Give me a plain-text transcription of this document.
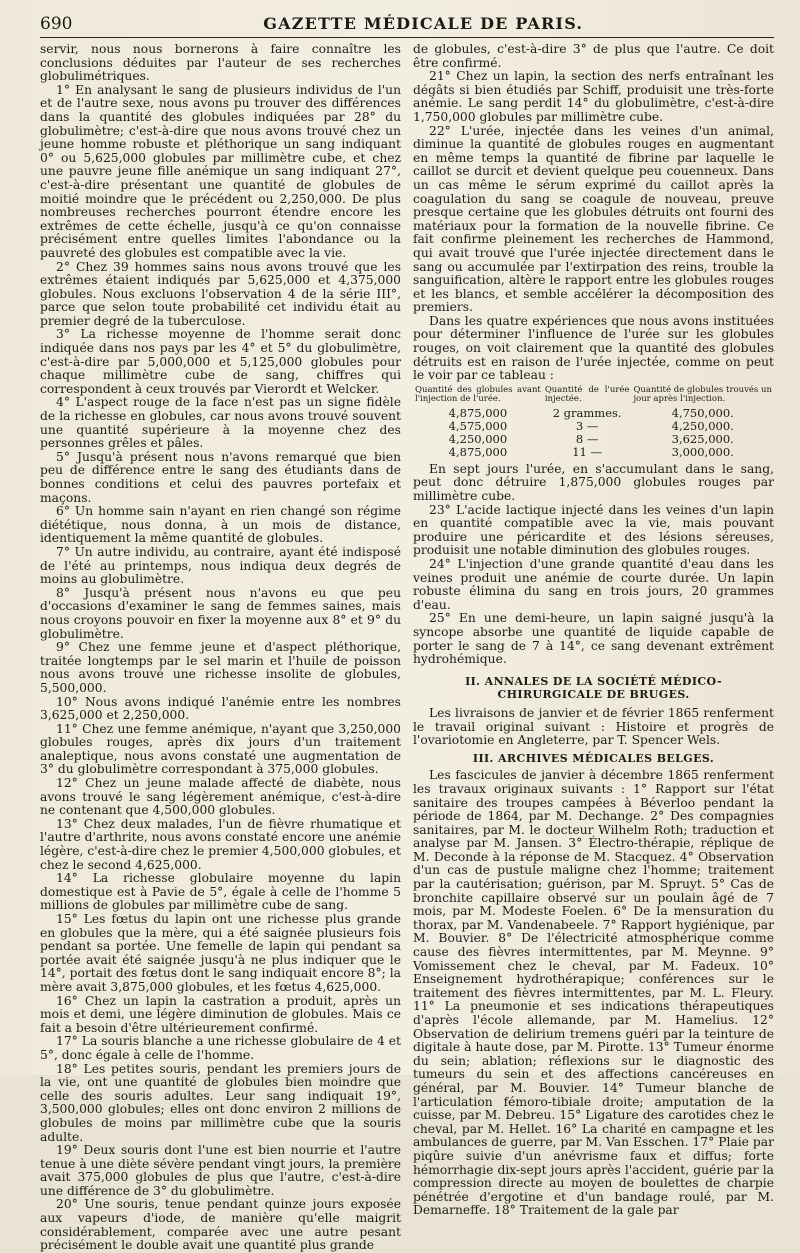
690	GAZETTE MÉDICALE DE PARIS.

servir, nous nous bornerons à faire connaître les conclusions déduites par l'auteur de ses recherches globulimétriques.

1° En analysant le sang de plusieurs individus de l'un et de l'autre sexe, nous avons pu trouver des différences dans la quantité des globules indiquées par 28° du globulimètre; c'est-à-dire que nous avons trouvé chez un jeune homme robuste et pléthorique un sang indiquant 0° ou 5,625,000 globules par millimètre cube, et chez une pauvre jeune fille anémique un sang indiquant 27°, c'est-à-dire présentant une quantité de globules de moitié moindre que le précédent ou 2,250,000. De plus nombreuses recherches pourront étendre encore les extrêmes de cette échelle, jusqu'à ce qu'on connaisse précisément entre quelles limites l'abondance ou la pauvreté des globules est compatible avec la vie.

2° Chez 39 hommes sains nous avons trouvé que les extrêmes étaient indiqués par 5,625,000 et 4,375,000 globules. Nous excluons l'observation 4 de la série III°, parce que selon toute probabilité cet individu était au premier degré de la tuberculose.

3° La richesse moyenne de l'homme serait donc indiquée dans nos pays par les 4° et 5° du globulimètre, c'est-à-dire par 5,000,000 et 5,125,000 globules pour chaque millimètre cube de sang, chiffres qui correspondent à ceux trouvés par Vierordt et Welcker.

4° L'aspect rouge de la face n'est pas un signe fidèle de la richesse en globules, car nous avons trouvé souvent une quantité supérieure à la moyenne chez des personnes grêles et pâles.

5° Jusqu'à présent nous n'avons remarqué que bien peu de différence entre le sang des étudiants dans de bonnes conditions et celui des pauvres portefaix et maçons.

6° Un homme sain n'ayant en rien changé son régime diététique, nous donna, à un mois de distance, identiquement la même quantité de globules.

7° Un autre individu, au contraire, ayant été indisposé de l'été au printemps, nous indiqua deux degrés de moins au globulimètre.

8° Jusqu'à présent nous n'avons eu que peu d'occasions d'examiner le sang de femmes saines, mais nous croyons pouvoir en fixer la moyenne aux 8° et 9° du globulimètre.

9° Chez une femme jeune et d'aspect pléthorique, traitée longtemps par le sel marin et l'huile de poisson nous avons trouvé une richesse insolite de globules, 5,500,000.

10° Nous avons indiqué l'anémie entre les nombres 3,625,000 et 2,250,000.

11° Chez une femme anémique, n'ayant que 3,250,000 globules rouges, après dix jours d'un traitement analeptique, nous avons constaté une augmentation de 3° du globulimètre correspondant à 375,000 globules.

12° Chez un jeune malade affecté de diabète, nous avons trouvé le sang légèrement anémique, c'est-à-dire ne contenant que 4,500,000 globules.

13° Chez deux malades, l'un de fièvre rhumatique et l'autre d'arthrite, nous avons constaté encore une anémie légère, c'est-à-dire chez le premier 4,500,000 globules, et chez le second 4,625,000.

14° La richesse globulaire moyenne du lapin domestique est à Pavie de 5°, égale à celle de l'homme 5 millions de globules par millimètre cube de sang.

15° Les fœtus du lapin ont une richesse plus grande en globules que la mère, qui a été saignée plusieurs fois pendant sa portée. Une femelle de lapin qui pendant sa portée avait été saignée jusqu'à ne plus indiquer que le 14°, portait des fœtus dont le sang indiquait encore 8°; la mère avait 3,875,000 globules, et les fœtus 4,625,000.

16° Chez un lapin la castration a produit, après un mois et demi, une légère diminution de globules. Mais ce fait a besoin d'être ultérieurement confirmé.

17° La souris blanche a une richesse globulaire de 4 et 5°, donc égale à celle de l'homme.

18° Les petites souris, pendant les premiers jours de la vie, ont une quantité de globules bien moindre que celle des souris adultes. Leur sang indiquait 19°, 3,500,000 globules; elles ont donc environ 2 millions de globules de moins par millimètre cube que la souris adulte.

19° Deux souris dont l'une est bien nourrie et l'autre tenue à une diète sévère pendant vingt jours, la première avait 375,000 globules de plus que l'autre, c'est-à-dire une différence de 3° du globulimètre.

20° Une souris, tenue pendant quinze jours exposée aux vapeurs d'iode, de manière qu'elle maigrit considérablement, comparée avec une autre pesant précisément le double avait une quantité plus grande

de globules, c'est-à-dire 3° de plus que l'autre. Ce doit être confirmé.

21° Chez un lapin, la section des nerfs entraînant les dégâts si bien étudiés par Schiff, produisit une très-forte anémie. Le sang perdit 14° du globulimètre, c'est-à-dire 1,750,000 globules par millimètre cube.

22° L'urée, injectée dans les veines d'un animal, diminue la quantité de globules rouges en augmentant en même temps la quantité de fibrine par laquelle le caillot se durcit et devient quelque peu couenneux. Dans un cas même le sérum exprimé du caillot après la coagulation du sang se coagule de nouveau, preuve presque certaine que les globules détruits ont fourni des matériaux pour la formation de la nouvelle fibrine. Ce fait confirme pleinement les recherches de Hammond, qui avait trouvé que l'urée injectée directement dans le sang ou accumulée par l'extirpation des reins, trouble la sanguification, altère le rapport entre les globules rouges et les blancs, et semble accélérer la décomposition des premiers.

Dans les quatre expériences que nous avons instituées pour déterminer l'influence de l'urée sur les globules rouges, on voit clairement que la quantité des globules détruits est en raison de l'urée injectée, comme on peut le voir par ce tableau :

Quantité des globules avant l'injection de l'urée.	Quantité de l'urée injectée.	Quantité de globules trouvés un jour après l'injection.
4,875,000	2 grammes.	4,750,000.
4,575,000	3 —	4,250,000.
4,250,000	8 —	3,625,000.
4,875,000	11 —	3,000,000.

En sept jours l'urée, en s'accumulant dans le sang, peut donc détruire 1,875,000 globules rouges par millimètre cube.

23° L'acide lactique injecté dans les veines d'un lapin en quantité compatible avec la vie, mais pouvant produire une péricardite et des lésions séreuses, produisit une notable diminution des globules rouges.

24° L'injection d'une grande quantité d'eau dans les veines produit une anémie de courte durée. Un lapin robuste élimina du sang en trois jours, 20 grammes d'eau.

25° En une demi-heure, un lapin saigné jusqu'à la syncope absorbe une quantité de liquide capable de porter le sang de 7 à 14°, ce sang devenant extrêment hydrohémique.

II. ANNALES DE LA SOCIÉTÉ MÉDICO-CHIRURGICALE DE BRUGES.

Les livraisons de janvier et de février 1865 renferment le travail original suivant : Histoire et progrès de l'ovariotomie en Angleterre, par T. Spencer Wels.

III. ARCHIVES MÉDICALES BELGES.

Les fascicules de janvier à décembre 1865 renferment les travaux originaux suivants : 1° Rapport sur l'état sanitaire des troupes campées à Béverloo pendant la période de 1864, par M. Dechange. 2° Des compagnies sanitaires, par M. le docteur Wilhelm Roth; traduction et analyse par M. Jansen. 3° Électro-thérapie, réplique de M. Deconde à la réponse de M. Stacquez. 4° Observation d'un cas de pustule maligne chez l'homme; traitement par la cautérisation; guérison, par M. Spruyt. 5° Cas de bronchite capillaire observé sur un poulain âgé de 7 mois, par M. Modeste Foelen. 6° De la mensuration du thorax, par M. Vandenabeele. 7° Rapport hygiénique, par M. Bouvier. 8° De l'électricité atmosphérique comme cause des fièvres intermittentes, par M. Meynne. 9° Vomissement chez le cheval, par M. Fadeux. 10° Enseignement hydrothérapique; conférences sur le traitement des fièvres intermittentes, par M. L. Fleury. 11° La pneumonie et ses indications thérapeutiques d'après l'école allemande, par M. Hamelius. 12° Observation de delirium tremens guéri par la teinture de digitale à haute dose, par M. Pirotte. 13° Tumeur énorme du sein; ablation; réflexions sur le diagnostic des tumeurs du sein et des affections cancéreuses en général, par M. Bouvier. 14° Tumeur blanche de l'articulation fémoro-tibiale droite; amputation de la cuisse, par M. Debreu. 15° Ligature des carotides chez le cheval, par M. Hellet. 16° La charité en campagne et les ambulances de guerre, par M. Van Esschen. 17° Plaie par piqûre suivie d'un anévrisme faux et diffus; forte hémorrhagie dix-sept jours après l'accident, guérie par la compression directe au moyen de boulettes de charpie pénétrée d'ergotine et d'un bandage roulé, par M. Demarneffe. 18° Traitement de la gale par
